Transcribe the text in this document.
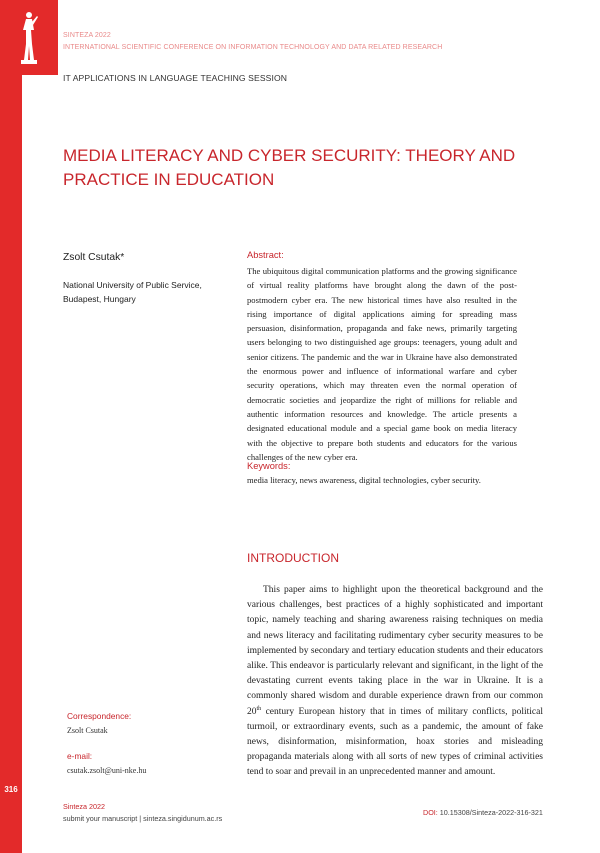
SINTEZA 2022
INTERNATIONAL SCIENTIFIC CONFERENCE ON INFORMATION TECHNOLOGY AND DATA RELATED RESEARCH
IT APPLICATIONS IN LANGUAGE TEACHING SESSION
MEDIA LITERACY AND CYBER SECURITY: THEORY AND PRACTICE IN EDUCATION
Zsolt Csutak*
National University of Public Service, Budapest, Hungary
Abstract:
The ubiquitous digital communication platforms and the growing significance of virtual reality platforms have brought along the dawn of the post-postmodern cyber era. The new historical times have also resulted in the rising importance of digital applications aiming for spreading mass persuasion, disinformation, propaganda and fake news, primarily targeting users belonging to two distinguished age groups: teenagers, young adult and senior citizens. The pandemic and the war in Ukraine have also demonstrated the enormous power and influence of informational warfare and cyber security operations, which may threaten even the normal operation of democratic societies and jeopardize the right of millions for reliable and authentic information resources and knowledge. The article presents a designated educational module and a special game book on media literacy with the objective to prepare both students and educators for the various challenges of the new cyber era.
Keywords:
media literacy, news awareness, digital technologies, cyber security.
INTRODUCTION
This paper aims to highlight upon the theoretical background and the various challenges, best practices of a highly sophisticated and important topic, namely teaching and sharing awareness raising techniques on media and news literacy and facilitating rudimentary cyber security measures to be implemented by secondary and tertiary education students and their educators alike. This endeavor is particularly relevant and significant, in the light of the devastating current events taking place in the war in Ukraine. It is a commonly shared wisdom and durable experience drawn from our common 20th century European history that in times of military conflicts, political turmoil, or extraordinary events, such as a pandemic, the amount of fake news, disinformation, misinformation, hoax stories and misleading propaganda materials along with all sorts of new types of criminal activities tend to soar and prevail in an unprecedented manner and amount.
Correspondence:
Zsolt Csutak
e-mail:
csutak.zsolt@uni-nke.hu
316
Sinteza 2022
submit your manuscript | sinteza.singidunum.ac.rs
DOI: 10.15308/Sinteza-2022-316-321
